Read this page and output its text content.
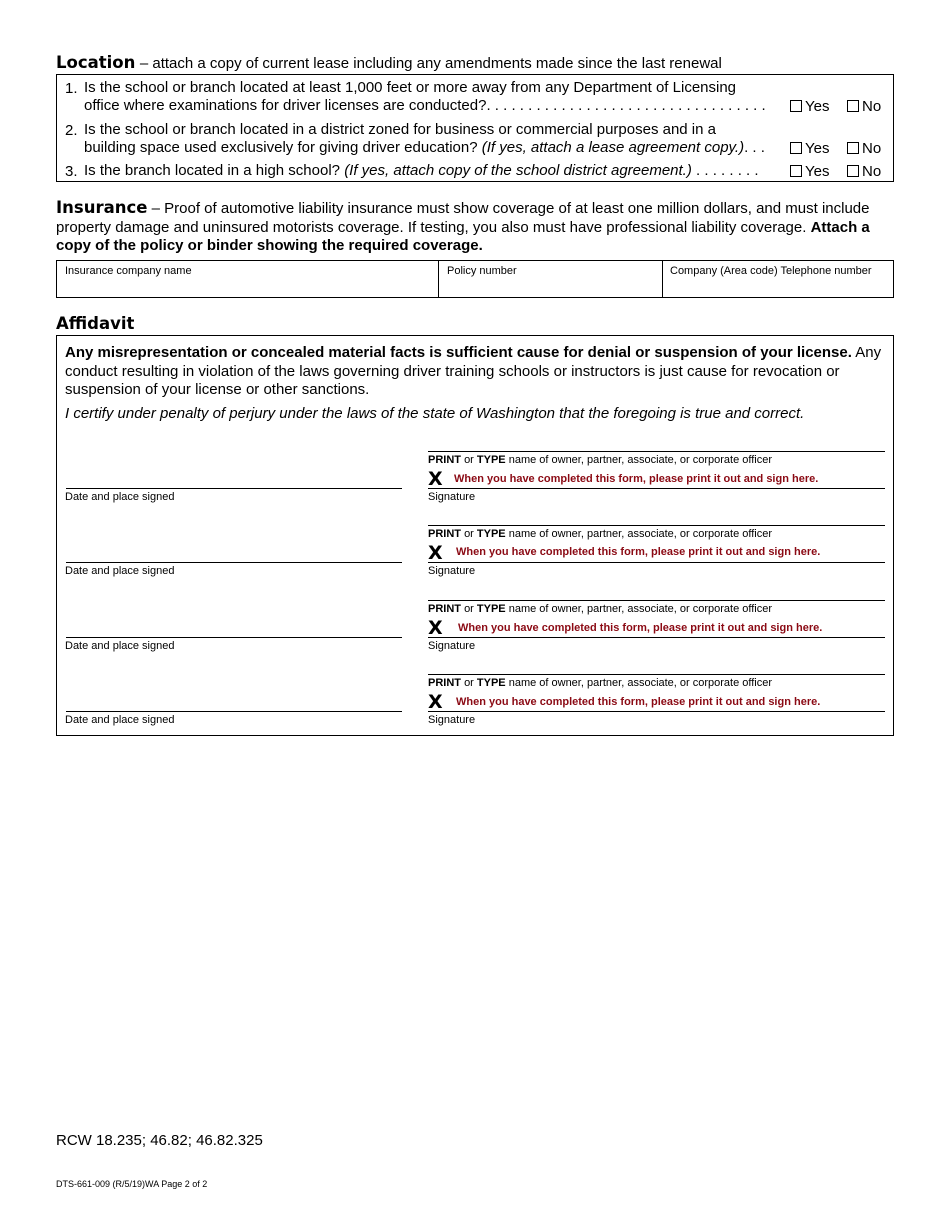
Location – attach a copy of current lease including any amendments made since the last renewal
1. Is the school or branch located at least 1,000 feet or more away from any Department of Licensing
office where examinations for driver licenses are conducted?. . . . . . . . . . . . . . . . . . . . . . . . . . . . . . . . . .	Yes	No
2. Is the school or branch located in a district zoned for business or commercial purposes and in a
building space used exclusively for giving driver education? (If yes, attach a lease agreement copy.). . .	Yes	No
3. Is the branch located in a high school? (If yes, attach copy of the school district agreement.) . . . . . . . .	Yes	No
Insurance – Proof of automotive liability insurance must show coverage of at least one million dollars, and must include property damage and uninsured motorists coverage. If testing, you also must have professional liability coverage. Attach a copy of the policy or binder showing the required coverage.
Insurance company name	Policy number	Company (Area code) Telephone number
Affidavit
Any misrepresentation or concealed material facts is sufficient cause for denial or suspension of your license. Any conduct resulting in violation of the laws governing driver training schools or instructors is just cause for revocation or suspension of your license or other sanctions.
I certify under penalty of perjury under the laws of the state of Washington that the foregoing is true and correct.
PRINT or TYPE name of owner, partner, associate, or corporate officer
X When you have completed this form, please print it out and sign here.
Date and place signed	Signature
PRINT or TYPE name of owner, partner, associate, or corporate officer
X When you have completed this form, please print it out and sign here.
Date and place signed	Signature
PRINT or TYPE name of owner, partner, associate, or corporate officer
X When you have completed this form, please print it out and sign here.
Date and place signed	Signature
PRINT or TYPE name of owner, partner, associate, or corporate officer
X When you have completed this form, please print it out and sign here.
Date and place signed	Signature
RCW 18.235; 46.82; 46.82.325
DTS-661-009 (R/5/19)WA Page 2 of 2
